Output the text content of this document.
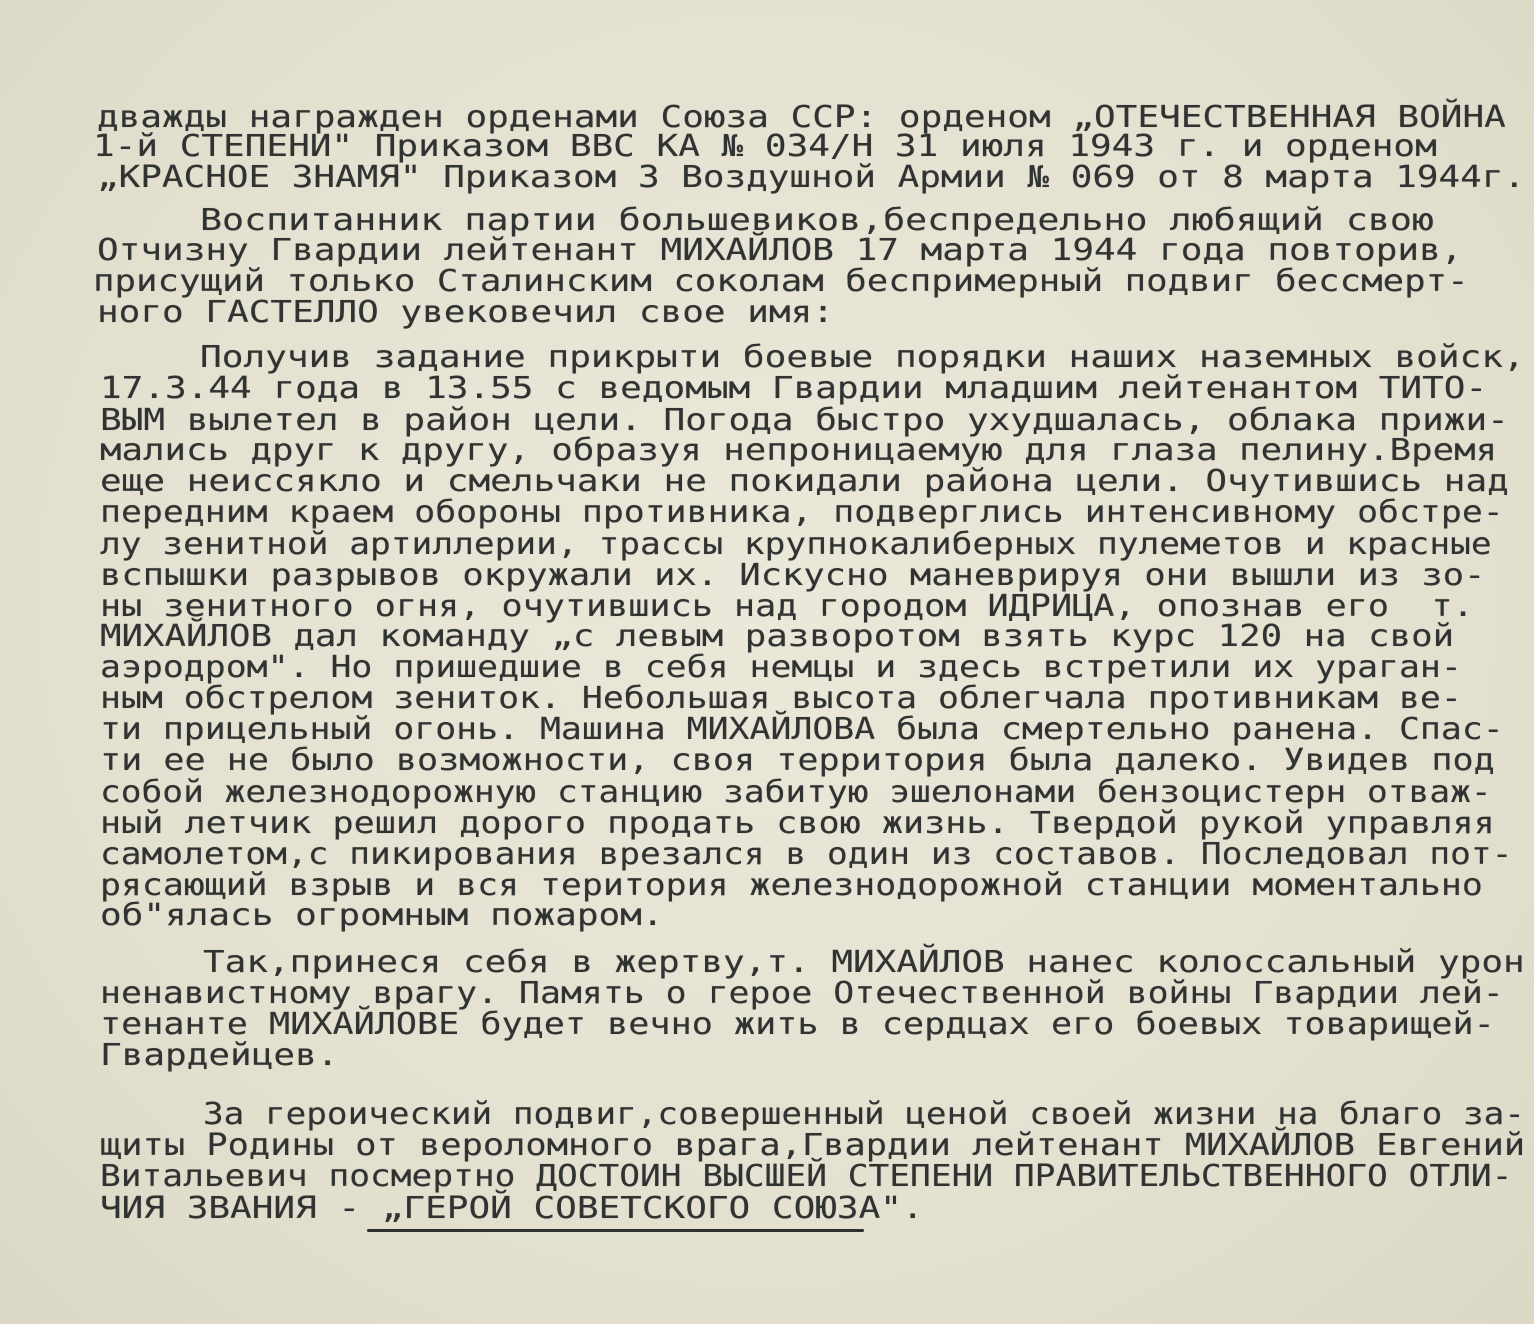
дважды награжден орденами Союза ССР: орденом „ОТЕЧЕСТВЕННАЯ ВОЙНА
1-й СТЕПЕНИ" Приказом ВВС КА № 034/Н 31 июля 1943 г. и орденом
„КРАСНОЕ ЗНАМЯ" Приказом 3 Воздушной Армии № 069 от 8 марта 1944г.
Воспитанник партии большевиков,беспредельно любящий свою
Отчизну Гвардии лейтенант МИХАЙЛОВ 17 марта 1944 года повторив,
присущий только Сталинским соколам беспримерный подвиг бессмерт-
ного ГАСТЕЛЛО увековечил свое имя:
Получив задание прикрыти боевые порядки наших наземных войск,
17.3.44 года в 13.55 с ведомым Гвардии младшим лейтенантом ТИТО-
ВЫМ вылетел в район цели. Погода быстро ухудшалась, облака прижи-
мались друг к другу, образуя непроницаемую для глаза пелину.Время
еще неиссякло и смельчаки не покидали района цели. Очутившись над
передним краем обороны противника, подверглись интенсивному обстре-
лу зенитной артиллерии, трассы крупнокалиберных пулеметов и красные
вспышки разрывов окружали их. Искусно маневрируя они вышли из зо-
ны зенитного огня, очутившись над городом ИДРИЦА, опознав его  т.
МИХАЙЛОВ дал команду „с левым разворотом взять курс 120 на свой
аэродром". Но пришедшие в себя немцы и здесь встретили их ураган-
ным обстрелом зениток. Небольшая высота облегчала противникам ве-
ти прицельный огонь. Машина МИХАЙЛОВА была смертельно ранена. Спас-
ти ее не было возможности, своя территория была далеко. Увидев под
собой железнодорожную станцию забитую эшелонами бензоцистерн отваж-
ный летчик решил дорого продать свою жизнь. Твердой рукой управляя
самолетом,с пикирования врезался в один из составов. Последовал пот-
рясающий взрыв и вся територия железнодорожной станции моментально
об"ялась огромным пожаром.
Так,принеся себя в жертву,т. МИХАЙЛОВ нанес колоссальный урон
ненавистному врагу. Память о герое Отечественной войны Гвардии лей-
тенанте МИХАЙЛОВЕ будет вечно жить в сердцах его боевых товарищей-
Гвардейцев.
За героический подвиг,совершенный ценой своей жизни на благо за-
щиты Родины от вероломного врага,Гвардии лейтенант МИХАЙЛОВ Евгений
Витальевич посмертно ДОСТОИН ВЫСШЕЙ СТЕПЕНИ ПРАВИТЕЛЬСТВЕННОГО ОТЛИ-
ЧИЯ ЗВАНИЯ - „ГЕРОЙ СОВЕТСКОГО СОЮЗА".
